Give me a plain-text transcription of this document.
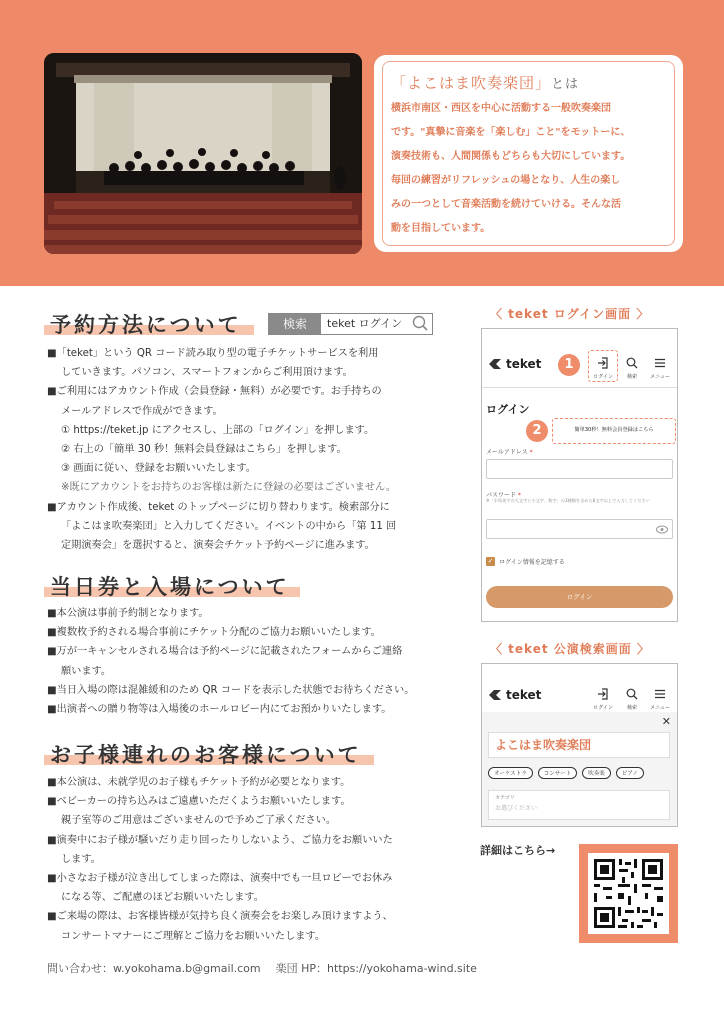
「よこはま吹奏楽団」とは

横浜市南区・西区を中心に活動する一般吹奏楽団
です。"真摯に音楽を「楽しむ」こと"をモットーに、
演奏技術も、人間関係もどちらも大切にしています。
毎回の練習がリフレッシュの場となり、人生の楽し
みの一つとして音楽活動を続けていける。そんな活
動を目指しています。

予約方法について	検索	teket ログイン
■「teket」という QR コード読み取り型の電子チケットサービスを利用
していきます。パソコン、スマートフォンからご利用頂けます。
■ご利用にはアカウント作成（会員登録・無料）が必要です。お手持ちの
メールアドレスで作成ができます。
① https://teket.jp にアクセスし、上部の「ログイン」を押します。
② 右上の「簡単 30 秒！無料会員登録はこちら」を押します。
③ 画面に従い、登録をお願いいたします。
※既にアカウントをお持ちのお客様は新たに登録の必要はございません。
■アカウント作成後、teket のトップページに切り替わります。検索部分に
「よこはま吹奏楽団」と入力してください。イベントの中から「第 11 回
定期演奏会」を選択すると、演奏会チケット予約ページに進みます。
当日券と入場について
■本公演は事前予約制となります。
■複数枚予約される場合事前にチケット分配のご協力お願いいたします。
■万が一キャンセルされる場合は予約ページに記載されたフォームからご連絡
願います。
■当日入場の際は混雑緩和のため QR コードを表示した状態でお待ちください。
■出演者への贈り物等は入場後のホールロビー内にてお預かりいたします。
お子様連れのお客様について
■本公演は、未就学児のお子様もチケット予約が必要となります。
■ベビーカーの持ち込みはご遠慮いただくようお願いいたします。
親子室等のご用意はございませんので予めご了承ください。
■演奏中にお子様が騒いだり走り回ったりしないよう、ご協力をお願いいた
します。
■小さなお子様が泣き出してしまった際は、演奏中でも一旦ロビーでお休み
になる等、ご配慮のほどお願いいたします。
■ご来場の際は、お客様皆様が気持ち良く演奏会をお楽しみ頂けますよう、
コンサートマナーにご理解とご協力をお願いいたします。
〈 teket ログイン画面 〉
teket	1
ログイン	検索	メニュー
ログイン
2	簡単30秒！無料会員登録はこちら
メールアドレス *
パスワード *
※「半角英字の大文字と小文字、数字」の3種類を含めた8文字以上で入力してください
✓ ログイン情報を記憶する
ログイン
〈 teket 公演検索画面 〉
teket
ログイン	検索	メニュー
✕
よこはま吹奏楽団
オーケストラ	コンサート	吹奏楽	ピアノ
カテゴリ
お選びください
詳細はこちら→
問い合わせ：w.yokohama.b@gmail.com 楽団 HP：https://yokohama-wind.site
